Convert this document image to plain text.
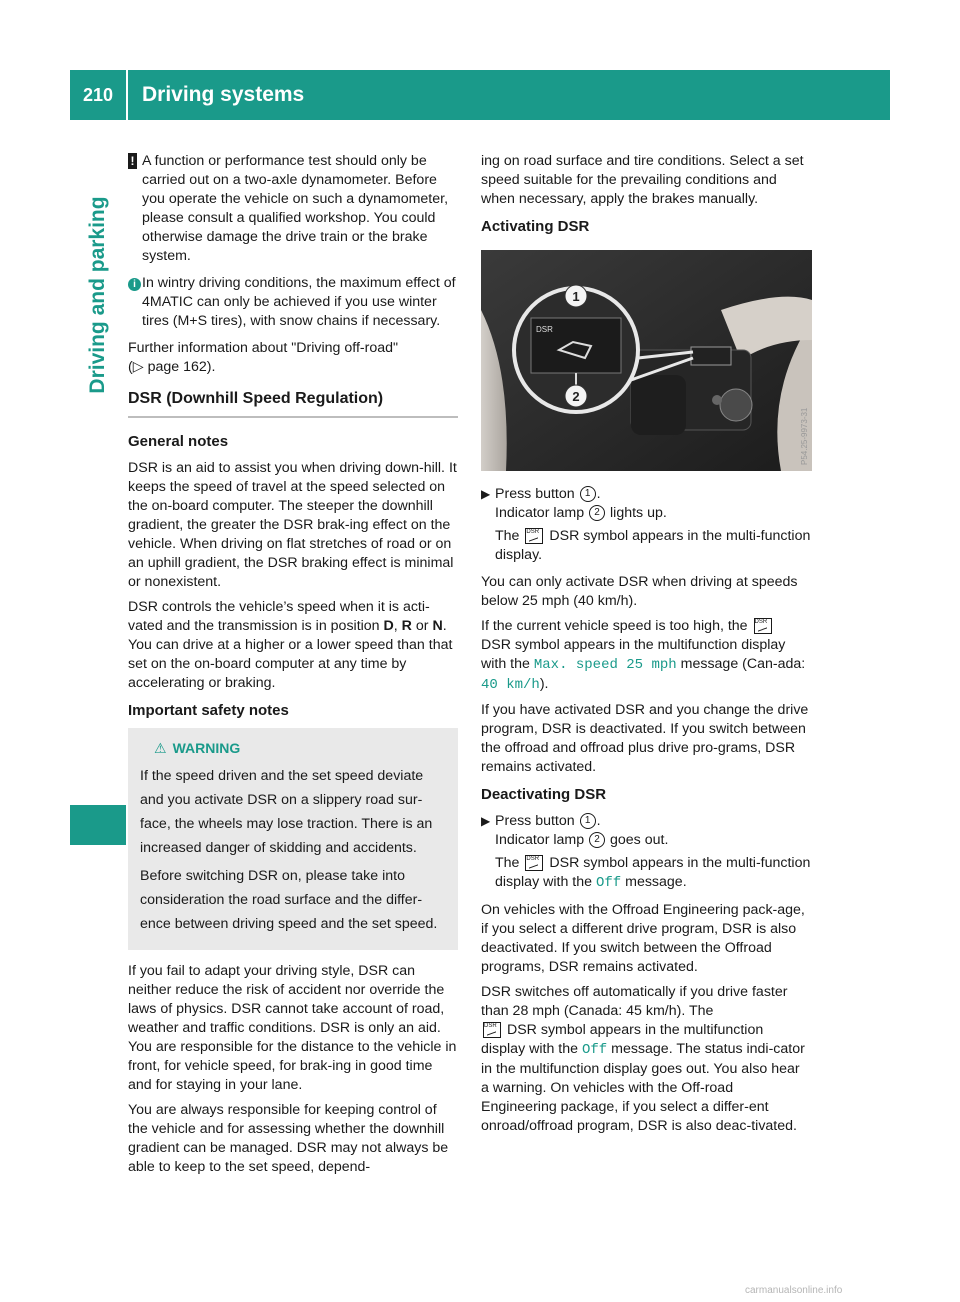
210	Driving systems
Driving and parking
! A function or performance test should only be carried out on a two-axle dynamometer. Before you operate the vehicle on such a dynamometer, please consult a qualified workshop. You could otherwise damage the drive train or the brake system.
i In wintry driving conditions, the maximum effect of 4MATIC can only be achieved if you use winter tires (M+S tires), with snow chains if necessary.

Further information about "Driving off-road"
(▷ page 162).

DSR (Downhill Speed Regulation)
General notes

DSR is an aid to assist you when driving down-hill. It keeps the speed of travel at the speed selected on the on-board computer. The steeper the downhill gradient, the greater the DSR brak-ing effect on the vehicle. When driving on flat stretches of road or on an uphill gradient, the DSR braking effect is minimal or nonexistent.

DSR controls the vehicle’s speed when it is acti-vated and the transmission is in position D, R or N. You can drive at a higher or a lower speed than that set on the on-board computer at any time by accelerating or braking.

Important safety notes
⚠ WARNING

If the speed driven and the set speed deviate and you activate DSR on a slippery road sur-face, the wheels may lose traction. There is an increased danger of skidding and accidents.

Before switching DSR on, please take into consideration the road surface and the differ-ence between driving speed and the set speed.

If you fail to adapt your driving style, DSR can neither reduce the risk of accident nor override the laws of physics. DSR cannot take account of road, weather and traffic conditions. DSR is only an aid. You are responsible for the distance to the vehicle in front, for vehicle speed, for brak-ing in good time and for staying in your lane.

You are always responsible for keeping control of the vehicle and for assessing whether the downhill gradient can be managed. DSR may not always be able to keep to the set speed, depend-

ing on road surface and tire conditions. Select a set speed suitable for the prevailing conditions and when necessary, apply the brakes manually.

Activating DSR
DSR
1
2
P54.25-9973-31
▶ Press button 1 .
Indicator lamp 2 lights up.
The DSR DSR symbol appears in the multi-function display.

You can only activate DSR when driving at speeds below 25 mph (40 km/h).

If the current vehicle speed is too high, the DSR
DSR symbol appears in the multifunction display with the Max. speed 25 mph message (Can-ada: 40 km/h).

If you have activated DSR and you change the drive program, DSR is deactivated. If you switch between the offroad and offroad plus drive pro-grams, DSR remains activated.

Deactivating DSR
▶ Press button 1 .
Indicator lamp 2 goes out.
The DSR DSR symbol appears in the multi-function display with the Off message.

On vehicles with the Offroad Engineering pack-age, if you select a different drive program, DSR is also deactivated. If you switch between the Offroad programs, DSR remains activated.

DSR switches off automatically if you drive faster than 28 mph (Canada: 45 km/h). The
DSR DSR symbol appears in the multifunction display with the Off message. The status indi-cator in the multifunction display goes out. You also hear a warning. On vehicles with the Off-road Engineering package, if you select a differ-ent onroad/offroad program, DSR is also deac-tivated.

carmanualsonline.info
